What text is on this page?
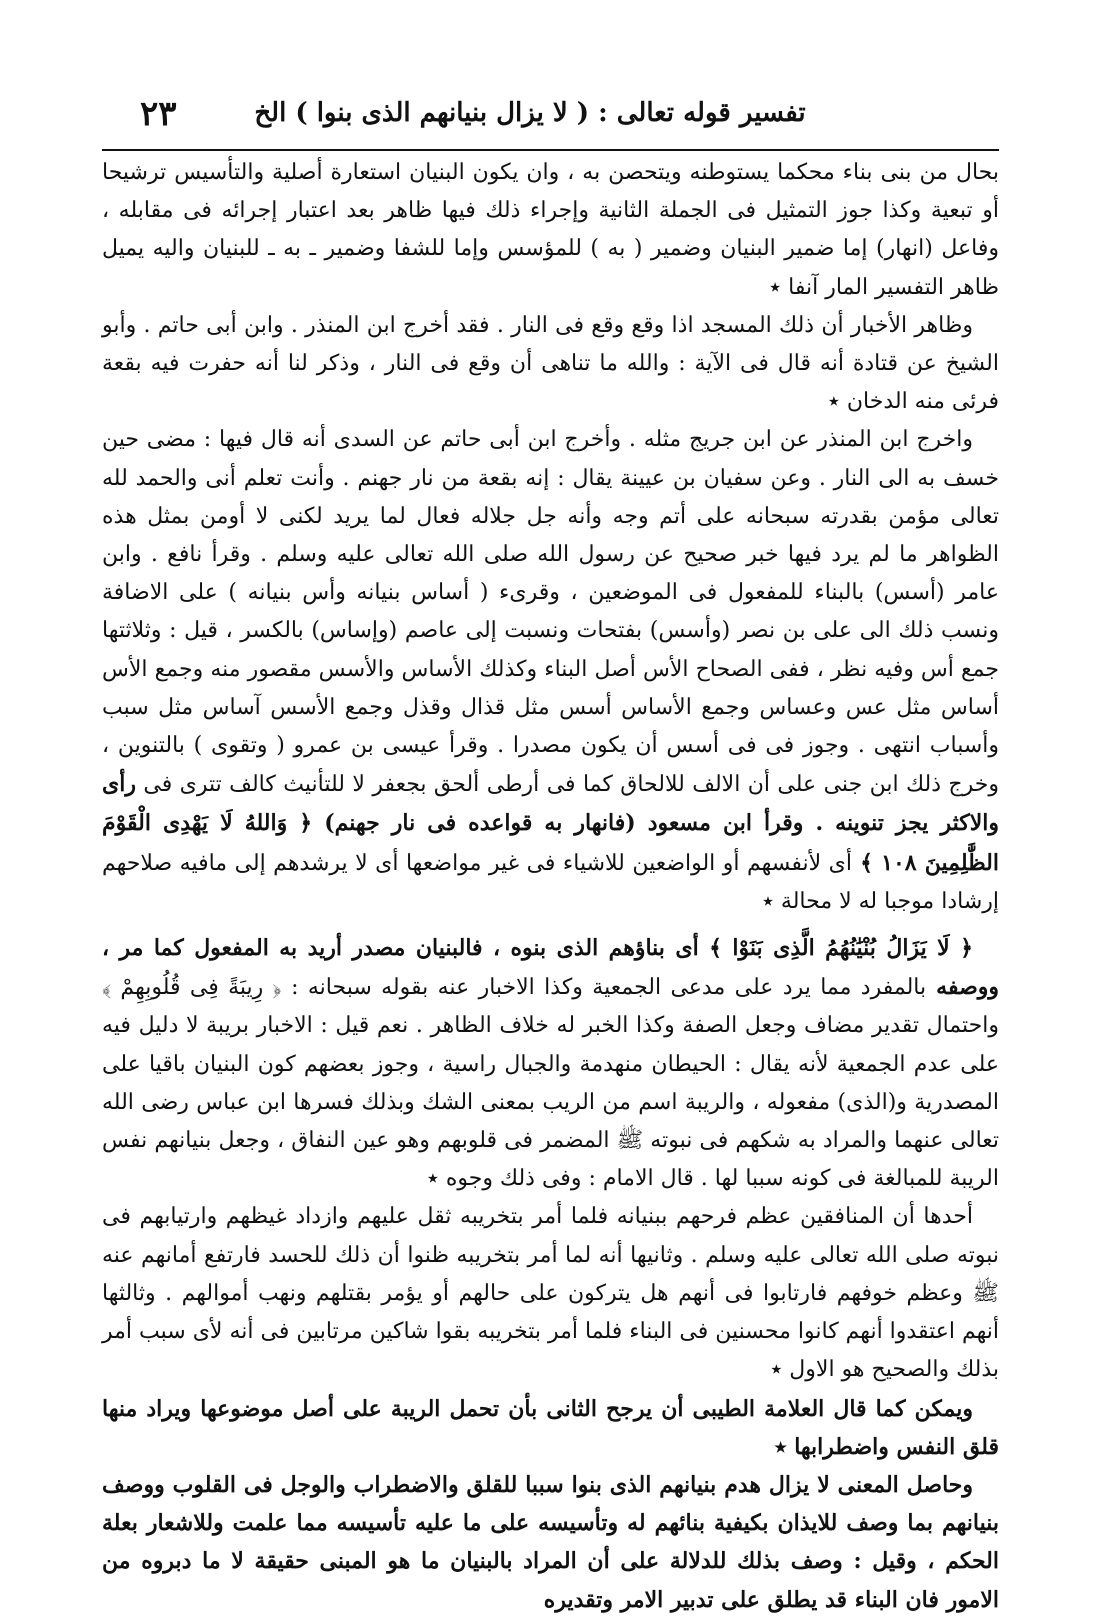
تفسير قوله تعالى : ( لا يزال بنيانهم الذى بنوا ) الخ
٢٣

بحال من بنى بناء محكما يستوطنه ويتحصن به ، وان يكون البنيان استعارة أصلية والتأسيس ترشيحا أو تبعية وكذا جوز التمثيل فى الجملة الثانية وإجراء ذلك فيها ظاهر بعد اعتبار إجرائه فى مقابله ، وفاعل (انهار) إما ضمير البنيان وضمير ( به ) للمؤسس وإما للشفا وضمير ـ به ـ للبنيان واليه يميل ظاهر التفسير المار آنفا ٭

وظاهر الأخبار أن ذلك المسجد اذا وقع وقع فى النار . فقد أخرج ابن المنذر . وابن أبى حاتم . وأبو الشيخ عن قتادة أنه قال فى الآية : والله ما تناهى أن وقع فى النار ، وذكر لنا أنه حفرت فيه بقعة فرئى منه الدخان ٭

واخرج ابن المنذر عن ابن جريج مثله . وأخرج ابن أبى حاتم عن السدى أنه قال فيها : مضى حين خسف به الى النار . وعن سفيان بن عيينة يقال : إنه بقعة من نار جهنم . وأنت تعلم أنى والحمد لله تعالى مؤمن بقدرته سبحانه على أتم وجه وأنه جل جلاله فعال لما يريد لكنى لا أومن بمثل هذه الظواهر ما لم يرد فيها خبر صحيح عن رسول الله صلى الله تعالى عليه وسلم . وقرأ نافع . وابن عامر (أسس) بالبناء للمفعول فى الموضعين ، وقرىء ( أساس بنيانه وأس بنيانه ) على الاضافة ونسب ذلك الى على بن نصر (وأسس) بفتحات ونسبت إلى عاصم (وإساس) بالكسر ، قيل : وثلاثتها جمع أس وفيه نظر ، ففى الصحاح الأس أصل البناء وكذلك الأساس والأسس مقصور منه وجمع الأس أساس مثل عس وعساس وجمع الأساس أسس مثل قذال وقذل وجمع الأسس آساس مثل سبب وأسباب انتهى . وجوز فى فى أسس أن يكون مصدرا . وقرأ عيسى بن عمرو ( وتقوى ) بالتنوين ، وخرج ذلك ابن جنى على أن الالف للالحاق كما فى أرطى ألحق بجعفر لا للتأنيث كالف تترى فى رأى والاكثر يجز تنوينه . وقرأ ابن مسعود (فانهار به قواعده فى نار جهنم) ﴿ وَاللهُ لَا يَهْدِى الْقَوْمَ الظَّٰلِمِينَ ١٠٨ ﴾ أى لأنفسهم أو الواضعين للاشياء فى غير مواضعها أى لا يرشدهم إلى مافيه صلاحهم إرشادا موجبا له لا محالة ٭

﴿ لَا يَزَالُ بُنْيَٰنُهُمُ الَّذِى بَنَوْا ﴾ أى بناؤهم الذى بنوه ، فالبنيان مصدر أريد به المفعول كما مر ، ووصفه بالمفرد مما يرد على مدعى الجمعية وكذا الاخبار عنه بقوله سبحانه : ﴿ رِيبَةً فِى قُلُوبِهِمْ ﴾ واحتمال تقدير مضاف وجعل الصفة وكذا الخبر له خلاف الظاهر . نعم قيل : الاخبار بريبة لا دليل فيه على عدم الجمعية لأنه يقال : الحيطان منهدمة والجبال راسية ، وجوز بعضهم كون البنيان باقيا على المصدرية و(الذى) مفعوله ، والريبة اسم من الريب بمعنى الشك وبذلك فسرها ابن عباس رضى الله تعالى عنهما والمراد به شكهم فى نبوته ﷺ المضمر فى قلوبهم وهو عين النفاق ، وجعل بنيانهم نفس الريبة للمبالغة فى كونه سببا لها . قال الامام : وفى ذلك وجوه ٭

أحدها أن المنافقين عظم فرحهم ببنيانه فلما أمر بتخريبه ثقل عليهم وازداد غيظهم وارتيابهم فى نبوته صلى الله تعالى عليه وسلم . وثانيها أنه لما أمر بتخريبه ظنوا أن ذلك للحسد فارتفع أمانهم عنه ﷺ وعظم خوفهم فارتابوا فى أنهم هل يتركون على حالهم أو يؤمر بقتلهم ونهب أموالهم . وثالثها أنهم اعتقدوا أنهم كانوا محسنين فى البناء فلما أمر بتخريبه بقوا شاكين مرتابين فى أنه لأى سبب أمر بذلك والصحيح هو الاول ٭

ويمكن كما قال العلامة الطيبى أن يرجح الثانى بأن تحمل الريبة على أصل موضوعها ويراد منها قلق النفس واضطرابها ٭

وحاصل المعنى لا يزال هدم بنيانهم الذى بنوا سببا للقلق والاضطراب والوجل فى القلوب ووصف بنيانهم بما وصف للايذان بكيفية بنائهم له وتأسيسه على ما عليه تأسيسه مما علمت وللاشعار بعلة الحكم ، وقيل : وصف بذلك للدلالة على أن المراد بالبنيان ما هو المبنى حقيقة لا ما دبروه من الامور فان البناء قد يطلق على تدبير الامر وتقديره
